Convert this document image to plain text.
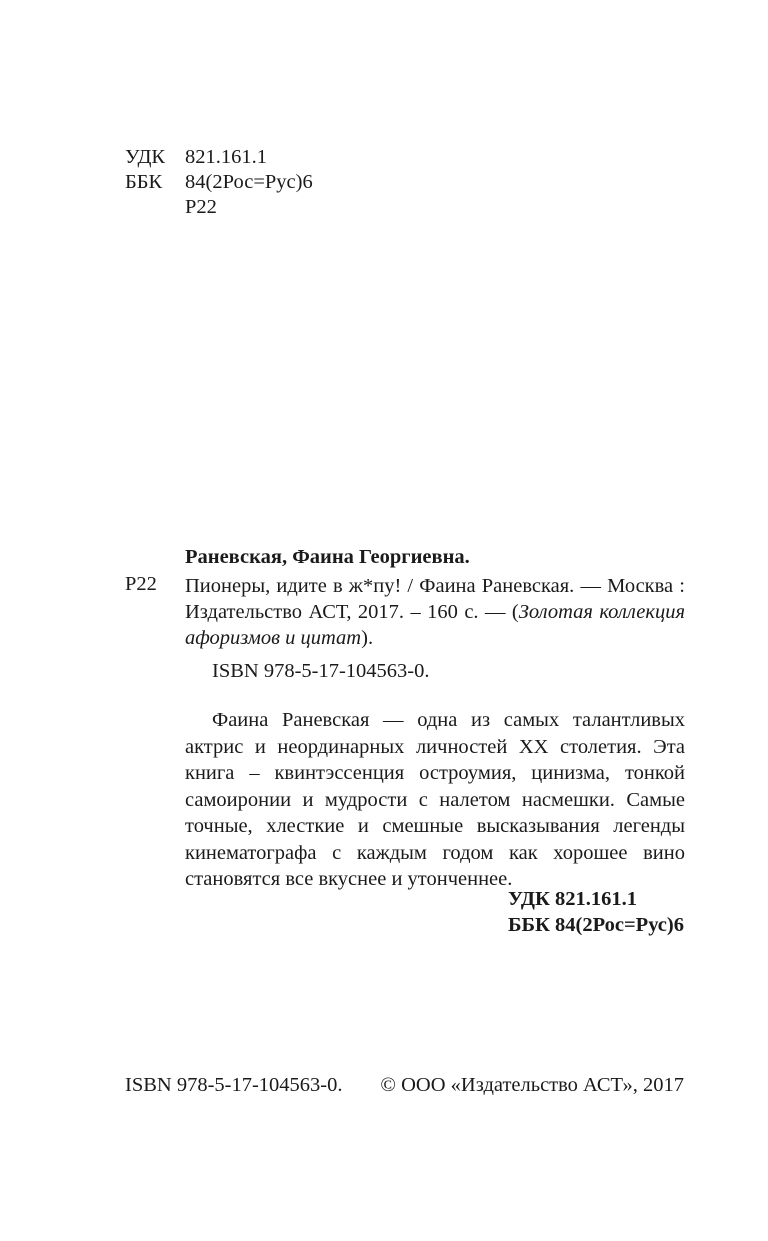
УДК 821.161.1
ББК	84(2Рос=Рус)6
Р22
Раневская, Фаина Георгиевна.
Р22 Пионеры, идите в ж*пу! / Фаина Раневская. — Москва : Издательство АСТ, 2017. – 160 с. — (Золотая коллекция афоризмов и цитат).
ISBN 978-5-17-104563-0.
Фаина Раневская — одна из самых талантливых актрис и неординарных личностей XX столетия. Эта книга – квинтэссенция остроумия, цинизма, тонкой самоиронии и мудрости с налетом насмешки. Самые точные, хлесткие и смешные высказывания легенды кинематографа с каждым годом как хорошее вино становятся все вкуснее и утонченнее.
УДК 821.161.1
ББК 84(2Рос=Рус)6
ISBN 978-5-17-104563-0. © ООО «Издательство АСТ», 2017
